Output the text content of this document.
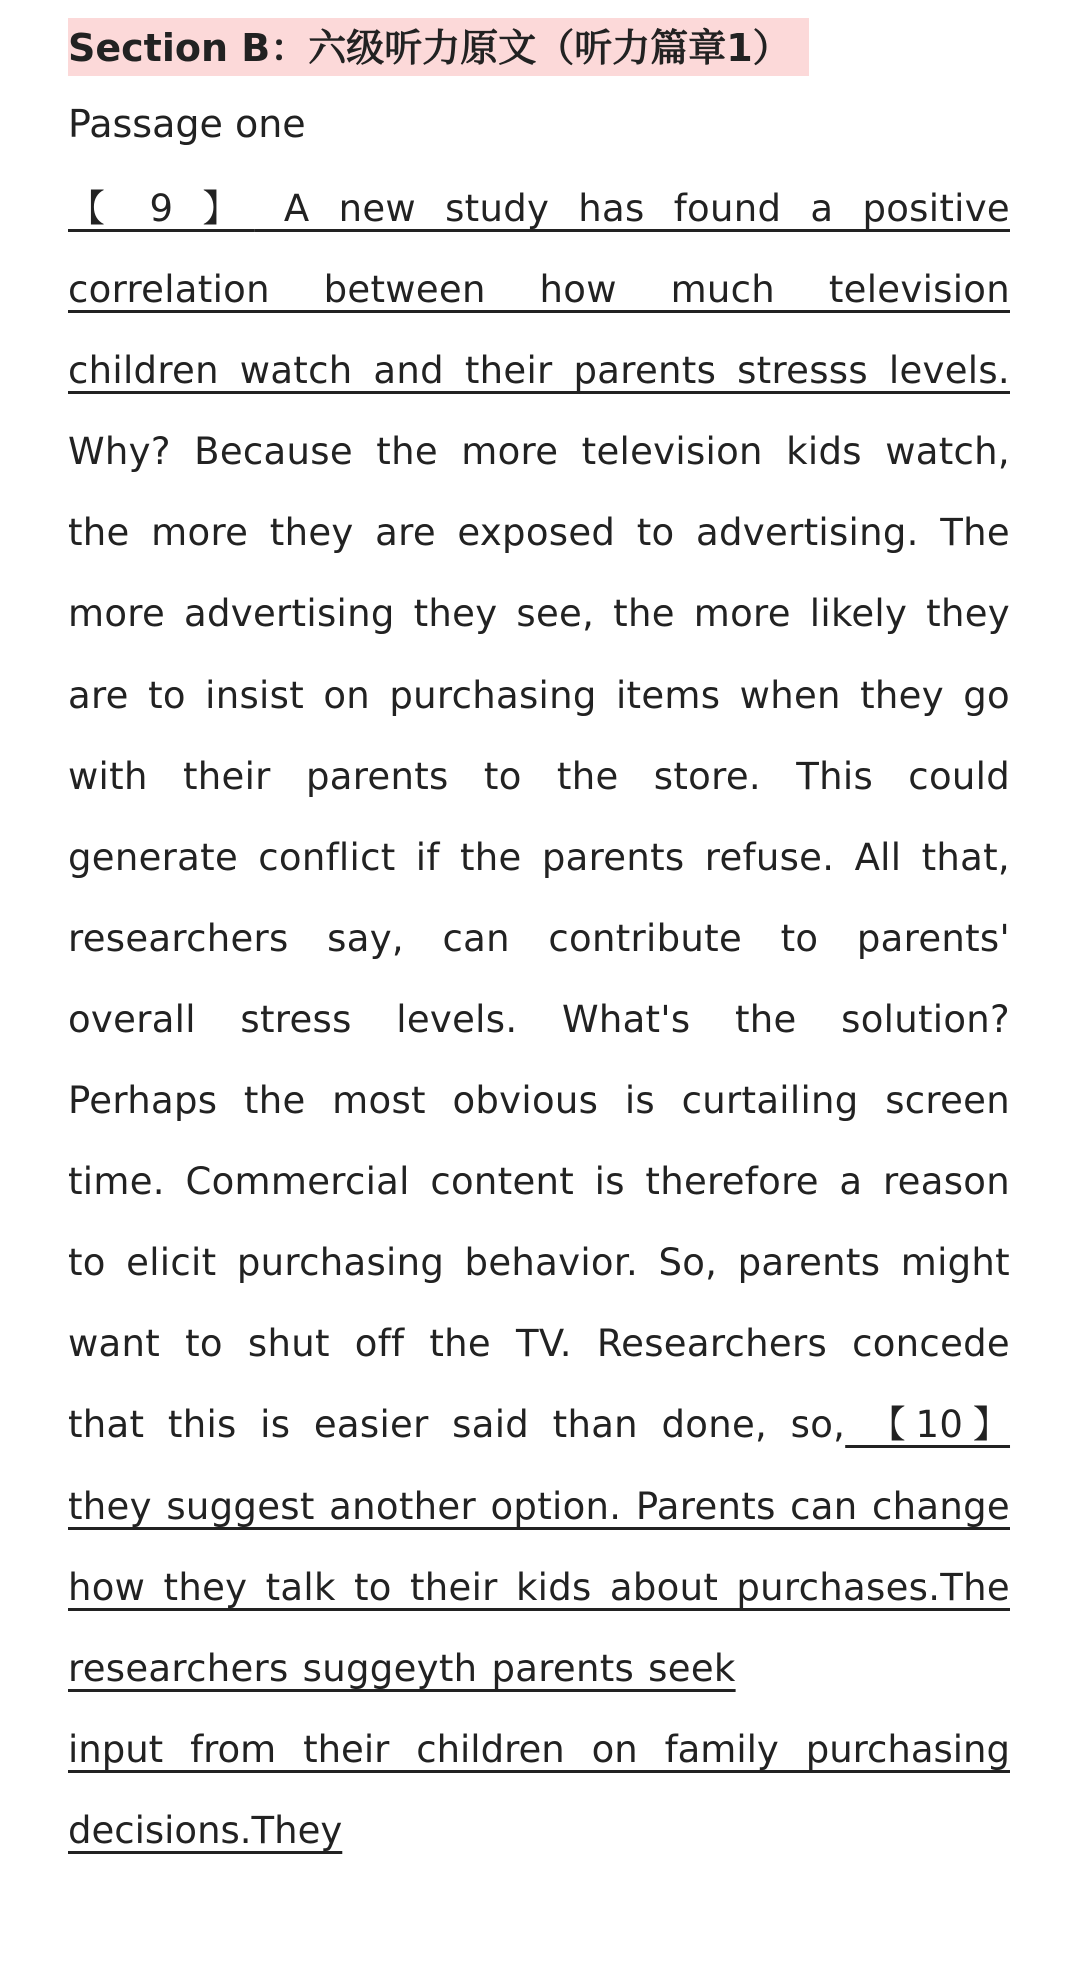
Section B：六级听力原文（听力篇章1）
Passage one

【 9 】 A new study has found a positive correlation between how much television children watch and their parents stresss levels. Why? Because the more television kids watch, the more they are exposed to advertising. The more advertising they see, the more likely they are to insist on purchasing items when they go with their parents to the store. This could generate conflict if the parents refuse. All that, researchers say, can contribute to parents' overall stress levels. What's the solution? Perhaps the most obvious is curtailing screen time. Commercial content is therefore a reason to elicit purchasing behavior. So, parents might want to shut off the TV. Researchers concede that this is easier said than done, so, 【10】 they suggest another option. Parents can change how they talk to their kids about purchases.The researchers suggeyth parents seek

input from their children on family purchasing
decisions.They
